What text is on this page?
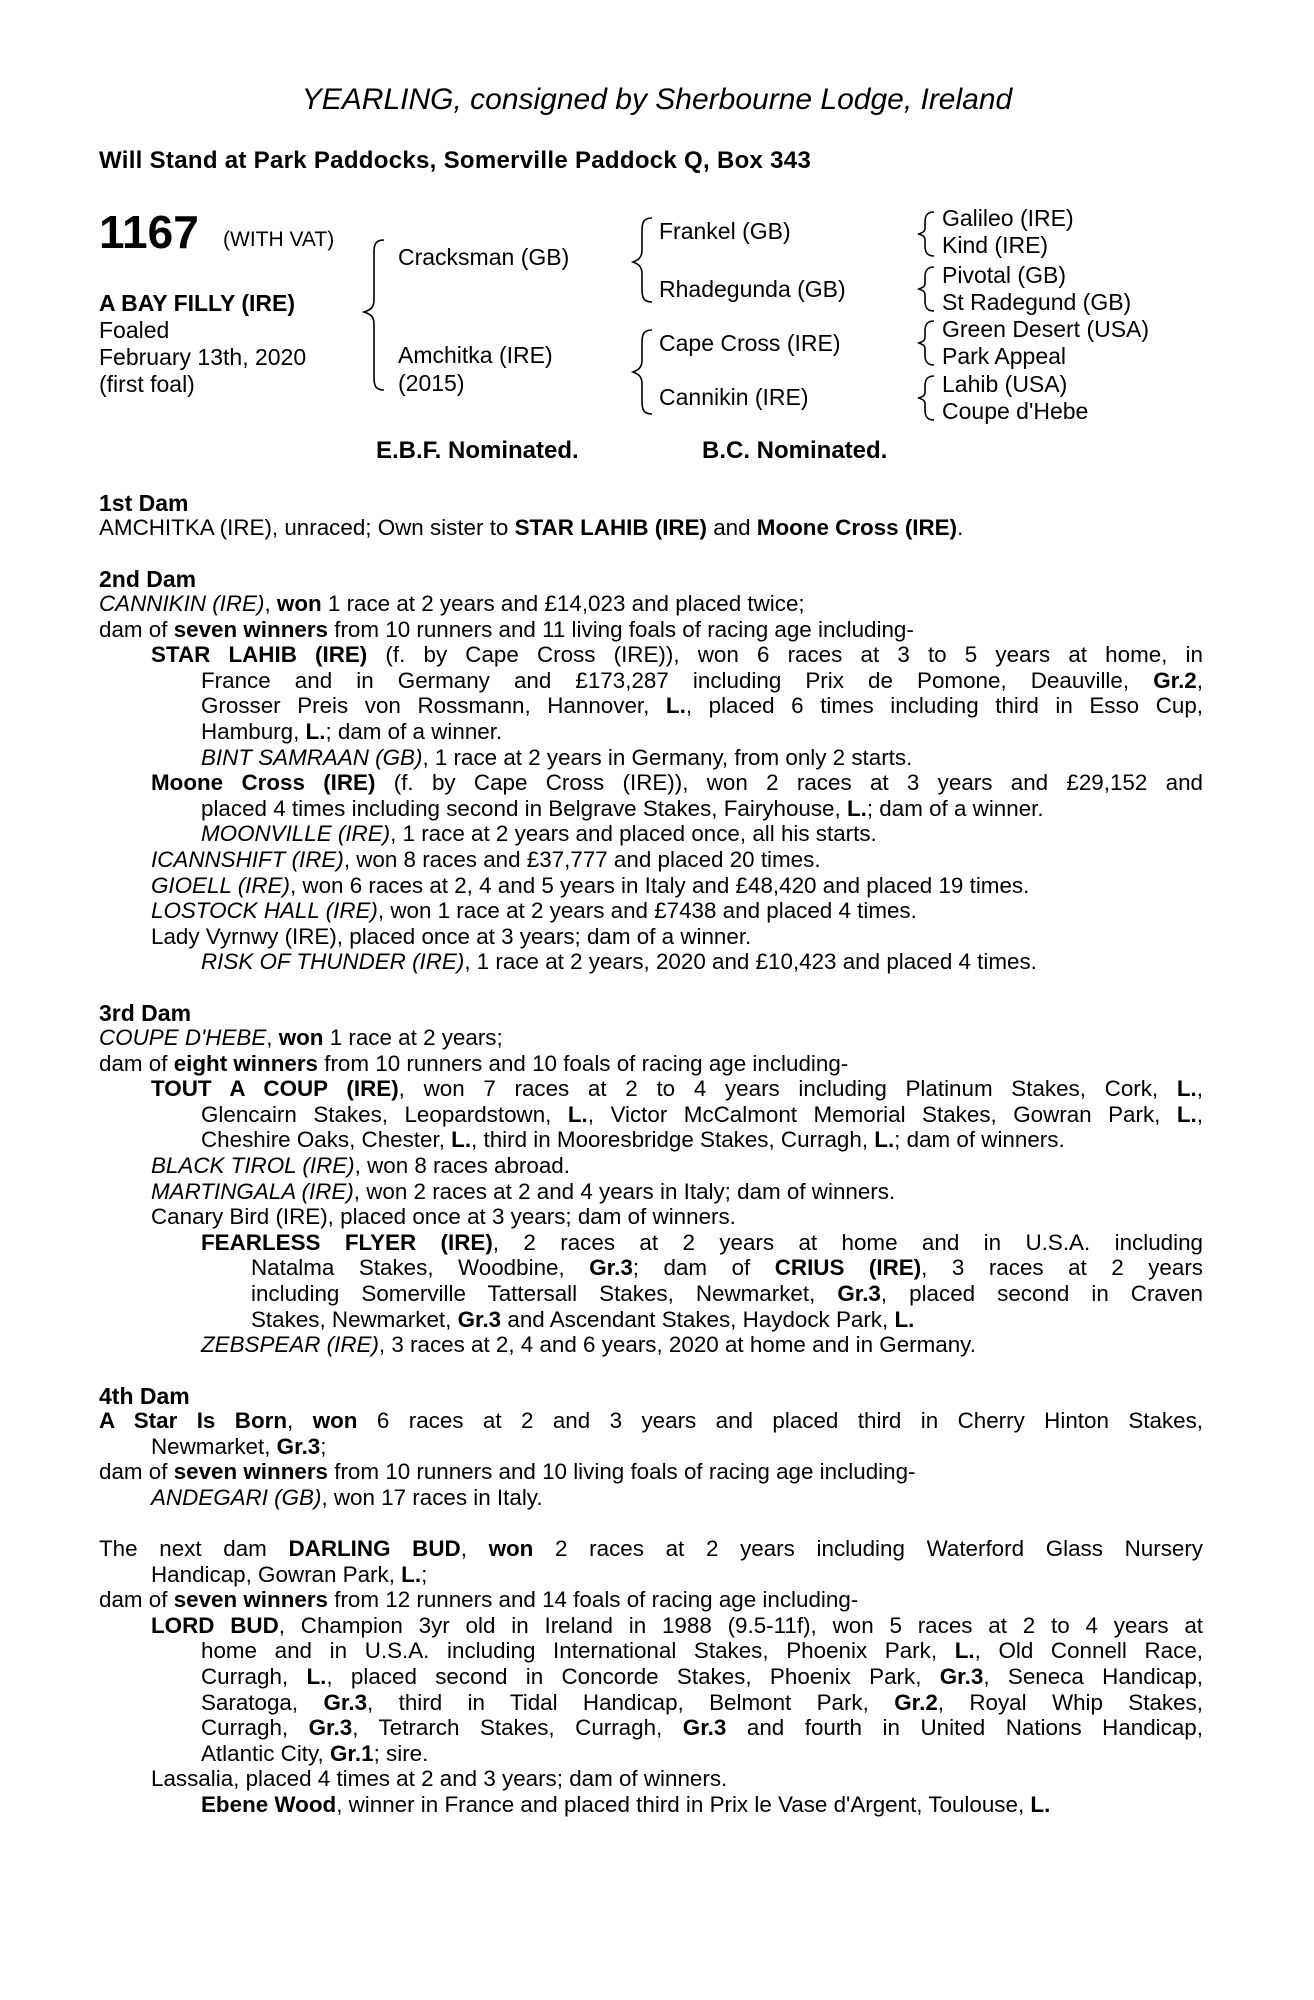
YEARLING, consigned by Sherbourne Lodge, Ireland
Will Stand at Park Paddocks, Somerville Paddock Q, Box 343
1167 (WITH VAT)
A BAY FILLY (IRE)
Foaled
February 13th, 2020
(first foal)
Cracksman (GB)
Amchitka (IRE)
(2015)
Frankel (GB)
Rhadegunda (GB)
Cape Cross (IRE)
Cannikin (IRE)
Galileo (IRE)
Kind (IRE)
Pivotal (GB)
St Radegund (GB)
Green Desert (USA)
Park Appeal
Lahib (USA)
Coupe d'Hebe
E.B.F. Nominated.	B.C. Nominated.
1st Dam
AMCHITKA (IRE), unraced; Own sister to STAR LAHIB (IRE) and Moone Cross (IRE).
2nd Dam
CANNIKIN (IRE), won 1 race at 2 years and £14,023 and placed twice;
dam of seven winners from 10 runners and 11 living foals of racing age including-
STAR LAHIB (IRE) (f. by Cape Cross (IRE)), won 6 races at 3 to 5 years at home, in
France and in Germany and £173,287 including Prix de Pomone, Deauville, Gr.2,
Grosser Preis von Rossmann, Hannover, L., placed 6 times including third in Esso Cup,
Hamburg, L.; dam of a winner.
BINT SAMRAAN (GB), 1 race at 2 years in Germany, from only 2 starts.
Moone Cross (IRE) (f. by Cape Cross (IRE)), won 2 races at 3 years and £29,152 and
placed 4 times including second in Belgrave Stakes, Fairyhouse, L.; dam of a winner.
MOONVILLE (IRE), 1 race at 2 years and placed once, all his starts.
ICANNSHIFT (IRE), won 8 races and £37,777 and placed 20 times.
GIOELL (IRE), won 6 races at 2, 4 and 5 years in Italy and £48,420 and placed 19 times.
LOSTOCK HALL (IRE), won 1 race at 2 years and £7438 and placed 4 times.
Lady Vyrnwy (IRE), placed once at 3 years; dam of a winner.
RISK OF THUNDER (IRE), 1 race at 2 years, 2020 and £10,423 and placed 4 times.
3rd Dam
COUPE D'HEBE, won 1 race at 2 years;
dam of eight winners from 10 runners and 10 foals of racing age including-
TOUT A COUP (IRE), won 7 races at 2 to 4 years including Platinum Stakes, Cork, L.,
Glencairn Stakes, Leopardstown, L., Victor McCalmont Memorial Stakes, Gowran Park, L.,
Cheshire Oaks, Chester, L., third in Mooresbridge Stakes, Curragh, L.; dam of winners.
BLACK TIROL (IRE), won 8 races abroad.
MARTINGALA (IRE), won 2 races at 2 and 4 years in Italy; dam of winners.
Canary Bird (IRE), placed once at 3 years; dam of winners.
FEARLESS FLYER (IRE), 2 races at 2 years at home and in U.S.A. including
Natalma Stakes, Woodbine, Gr.3; dam of CRIUS (IRE), 3 races at 2 years
including Somerville Tattersall Stakes, Newmarket, Gr.3, placed second in Craven
Stakes, Newmarket, Gr.3 and Ascendant Stakes, Haydock Park, L.
ZEBSPEAR (IRE), 3 races at 2, 4 and 6 years, 2020 at home and in Germany.
4th Dam
A Star Is Born, won 6 races at 2 and 3 years and placed third in Cherry Hinton Stakes,
Newmarket, Gr.3;
dam of seven winners from 10 runners and 10 living foals of racing age including-
ANDEGARI (GB), won 17 races in Italy.
The next dam DARLING BUD, won 2 races at 2 years including Waterford Glass Nursery
Handicap, Gowran Park, L.;
dam of seven winners from 12 runners and 14 foals of racing age including-
LORD BUD, Champion 3yr old in Ireland in 1988 (9.5-11f), won 5 races at 2 to 4 years at
home and in U.S.A. including International Stakes, Phoenix Park, L., Old Connell Race,
Curragh, L., placed second in Concorde Stakes, Phoenix Park, Gr.3, Seneca Handicap,
Saratoga, Gr.3, third in Tidal Handicap, Belmont Park, Gr.2, Royal Whip Stakes,
Curragh, Gr.3, Tetrarch Stakes, Curragh, Gr.3 and fourth in United Nations Handicap,
Atlantic City, Gr.1; sire.
Lassalia, placed 4 times at 2 and 3 years; dam of winners.
Ebene Wood, winner in France and placed third in Prix le Vase d'Argent, Toulouse, L.
